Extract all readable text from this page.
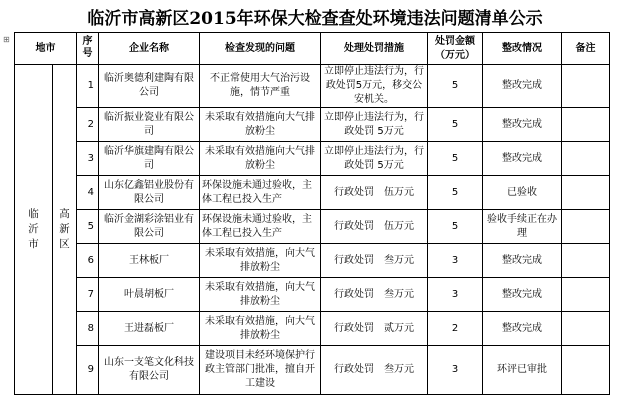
临沂市高新区2015年环保大检查查处环境违法问题清单公示
⊞
地市		序号	企业名称	检查发现的问题	处理处罚措施	处罚金额（万元）	整改情况	备注
临沂市	高新区	1	临沂奥德利建陶有限公司	不正常使用大气治污设施，情节严重	立即停止违法行为，行政处罚5万元，移交公安机关。	5	整改完成	
		2	临沂振业瓷业有限公司	未采取有效措施向大气排放粉尘	立即停止违法行为，行政处罚 5万元	5	整改完成	
		3	临沂华旗建陶有限公司	未采取有效措施向大气排放粉尘	立即停止违法行为，行政处罚 5万元	5	整改完成	
		4	山东亿鑫铝业股份有限公司	环保设施未通过验收，主体工程已投入生产	行政处罚　伍万元	5	已验收	
		5	临沂金湖彩涂铝业有限公司	环保设施未通过验收，主体工程已投入生产	行政处罚　伍万元	5	验收手续正在办理	
		6	王林板厂	未采取有效措施，向大气排放粉尘	行政处罚　叁万元	3	整改完成	
		7	叶晨胡板厂	未采取有效措施，向大气排放粉尘	行政处罚　叁万元	3	整改完成	
		8	王进磊板厂	未采取有效措施，向大气排放粉尘	行政处罚　贰万元	2	整改完成	
		9	山东一支笔文化科技有限公司	建设项目未经环境保护行政主管部门批准，擅自开工建设	行政处罚　叁万元	3	环评已审批	
